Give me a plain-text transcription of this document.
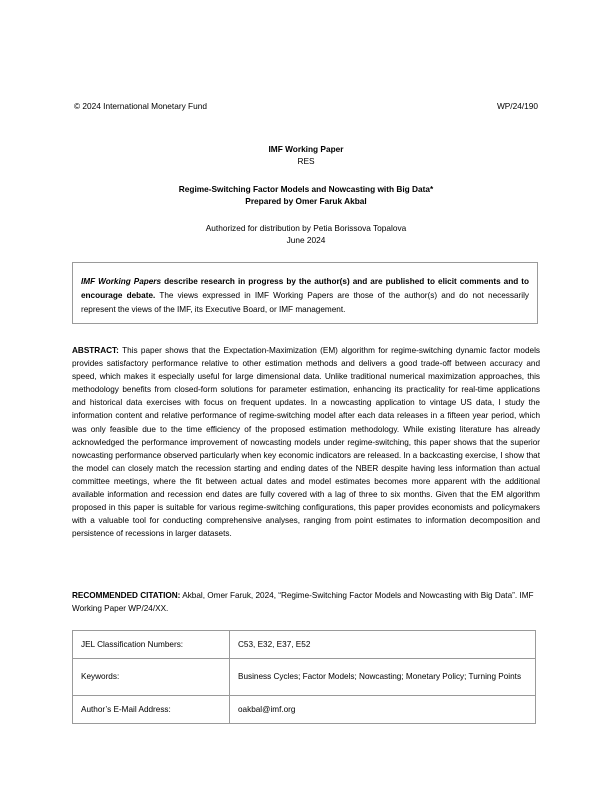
© 2024 International Monetary Fund	WP/24/190
IMF Working Paper
RES
Regime-Switching Factor Models and Nowcasting with Big Data*
Prepared by Omer Faruk Akbal
Authorized for distribution by Petia Borissova Topalova
June 2024
IMF Working Papers describe research in progress by the author(s) and are published to elicit comments and to encourage debate. The views expressed in IMF Working Papers are those of the author(s) and do not necessarily represent the views of the IMF, its Executive Board, or IMF management.
ABSTRACT: This paper shows that the Expectation-Maximization (EM) algorithm for regime-switching dynamic factor models provides satisfactory performance relative to other estimation methods and delivers a good trade-off between accuracy and speed, which makes it especially useful for large dimensional data. Unlike traditional numerical maximization approaches, this methodology benefits from closed-form solutions for parameter estimation, enhancing its practicality for real-time applications and historical data exercises with focus on frequent updates. In a nowcasting application to vintage US data, I study the information content and relative performance of regime-switching model after each data releases in a fifteen year period, which was only feasible due to the time efficiency of the proposed estimation methodology. While existing literature has already acknowledged the performance improvement of nowcasting models under regime-switching, this paper shows that the superior nowcasting performance observed particularly when key economic indicators are released. In a backcasting exercise, I show that the model can closely match the recession starting and ending dates of the NBER despite having less information than actual committee meetings, where the fit between actual dates and model estimates becomes more apparent with the additional available information and recession end dates are fully covered with a lag of three to six months. Given that the EM algorithm proposed in this paper is suitable for various regime-switching configurations, this paper provides economists and policymakers with a valuable tool for conducting comprehensive analyses, ranging from point estimates to information decomposition and persistence of recessions in larger datasets.
RECOMMENDED CITATION: Akbal, Omer Faruk, 2024, “Regime-Switching Factor Models and Nowcasting with Big Data”. IMF Working Paper WP/24/XX.
JEL Classification Numbers:	C53, E32, E37, E52
Keywords:	Business Cycles; Factor Models; Nowcasting; Monetary Policy; Turning Points
Author’s E-Mail Address:	oakbal@imf.org
